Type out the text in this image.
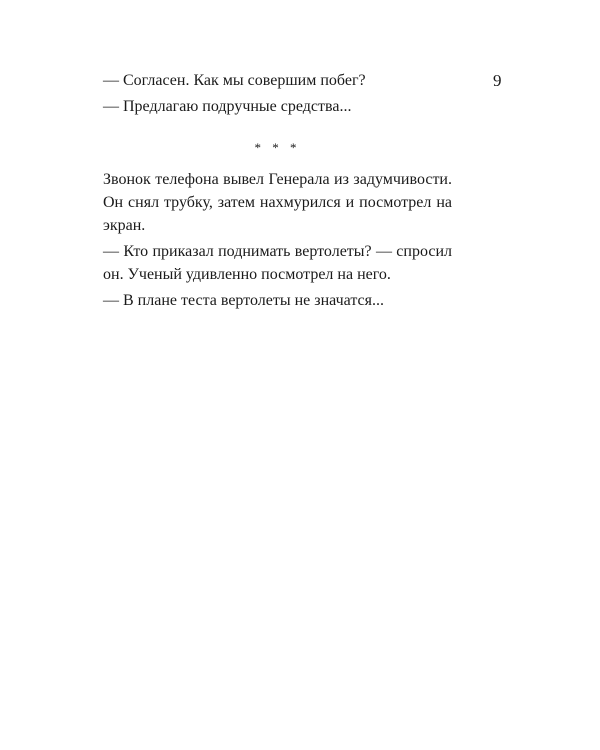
9

— Согласен. Как мы совершим побег?

— Предлагаю подручные средства...

* * *

Звонок телефона вывел Генерала из задумчивости. Он снял трубку, затем нахмурился и посмотрел на экран.

— Кто приказал поднимать вертолеты? — спросил он. Ученый удивленно посмотрел на него.

— В плане теста вертолеты не значатся...
